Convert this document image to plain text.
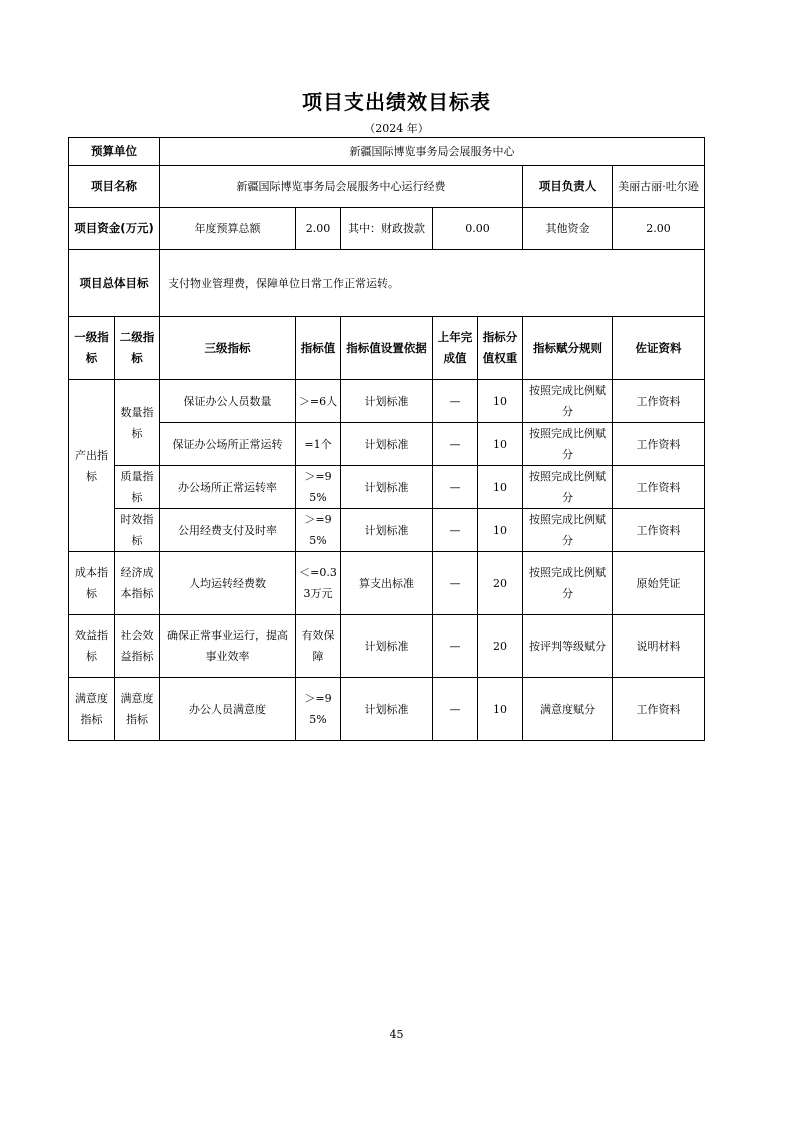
项目支出绩效目标表
（2024 年）
预算单位		新疆国际博览事务局会展服务中心						
项目名称		新疆国际博览事务局会展服务中心运行经费					项目负责人	美丽古丽·吐尔逊
项目资金(万元)		年度预算总额	2.00	其中：财政拨款	0.00		其他资金	2.00
项目总体目标		支付物业管理费，保障单位日常工作正常运转。						
一级指标	二级指标	三级指标	指标值	指标值设置依据	上年完成值	指标分值权重	指标赋分规则	佐证资料
产出指标	数量指标	保证办公人员数量	＞=6人	计划标准	—	10	按照完成比例赋分	工作资料
		保证办公场所正常运转	=1个	计划标准	—	10	按照完成比例赋分	工作资料
	质量指标	办公场所正常运转率	＞=95%	计划标准	—	10	按照完成比例赋分	工作资料
	时效指标	公用经费支付及时率	＞=95%	计划标准	—	10	按照完成比例赋分	工作资料
成本指标	经济成本指标	人均运转经费数	＜=0.33万元	算支出标准	—	20	按照完成比例赋分	原始凭证
效益指标	社会效益指标	确保正常事业运行，提高事业效率	有效保障	计划标准	—	20	按评判等级赋分	说明材料
满意度指标	满意度指标	办公人员满意度	＞=95%	计划标准	—	10	满意度赋分	工作资料
45
